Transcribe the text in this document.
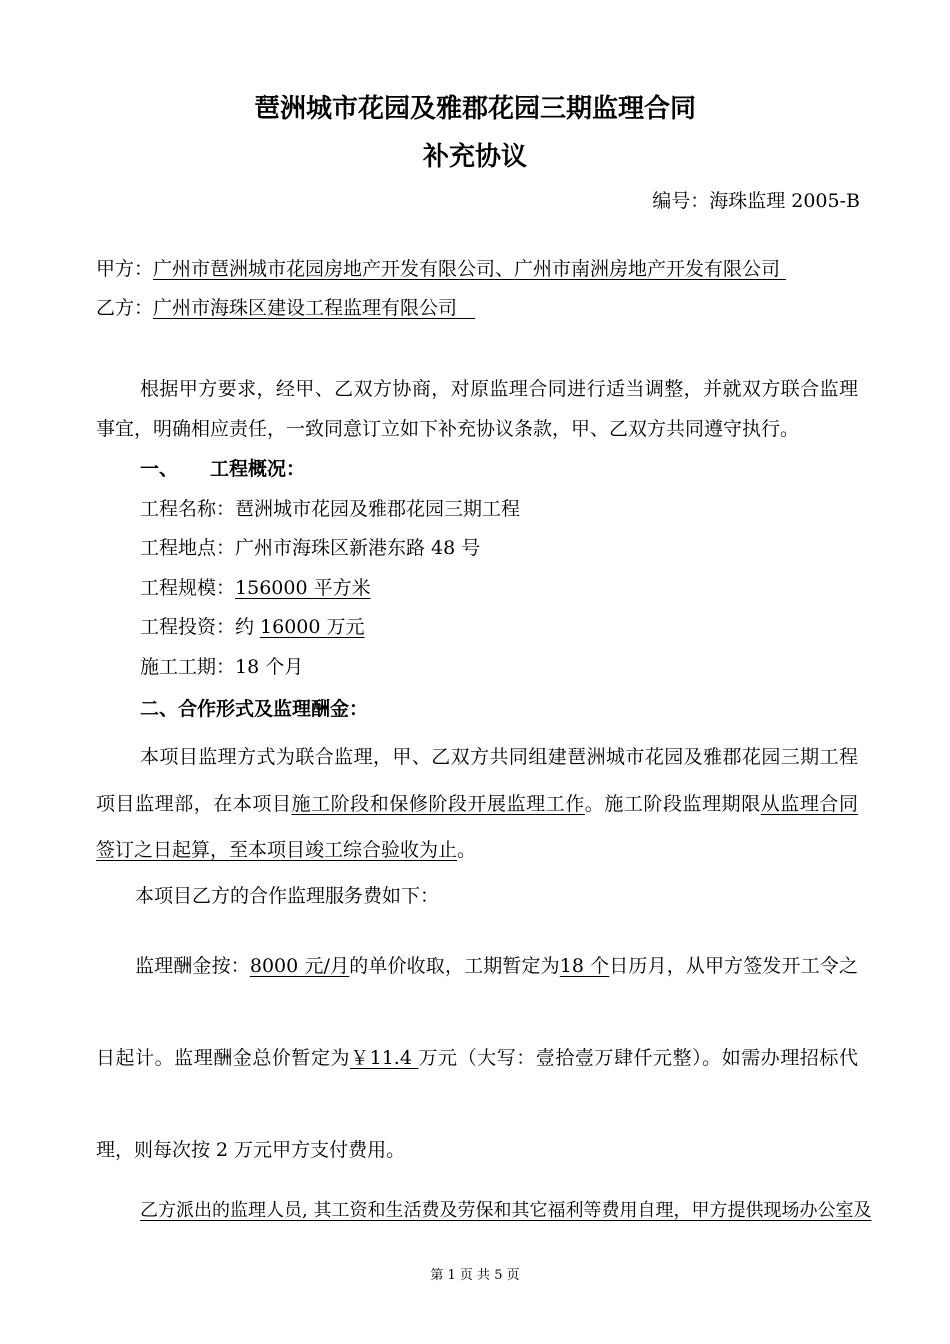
琶洲城市花园及雅郡花园三期监理合同
补充协议
编号：海珠监理 2005-B
甲方：广州市琶洲城市花园房地产开发有限公司、广州市南洲房地产开发有限公司
乙方：广州市海珠区建设工程监理有限公司
根据甲方要求，经甲、乙双方协商，对原监理合同进行适当调整，并就双方联合监理
事宜，明确相应责任，一致同意订立如下补充协议条款，甲、乙双方共同遵守执行。
一、 工程概况：
工程名称：琶洲城市花园及雅郡花园三期工程
工程地点：广州市海珠区新港东路 48 号
工程规模：156000 平方米
工程投资：约 16000 万元
施工工期：18 个月
二、合作形式及监理酬金：
本项目监理方式为联合监理，甲、乙双方共同组建琶洲城市花园及雅郡花园三期工程
项目监理部，在本项目施工阶段和保修阶段开展监理工作。施工阶段监理期限从监理合同
签订之日起算，至本项目竣工综合验收为止。
本项目乙方的合作监理服务费如下：
监理酬金按：8000 元/月的单价收取，工期暂定为18 个日历月，从甲方签发开工令之
日起计。监理酬金总价暂定为￥11.4 万元（大写：壹拾壹万肆仟元整）。如需办理招标代
理，则每次按 2 万元甲方支付费用。
乙方派出的监理人员, 其工资和生活费及劳保和其它福利等费用自理，甲方提供现场办公室及
第 1 页 共 5 页
